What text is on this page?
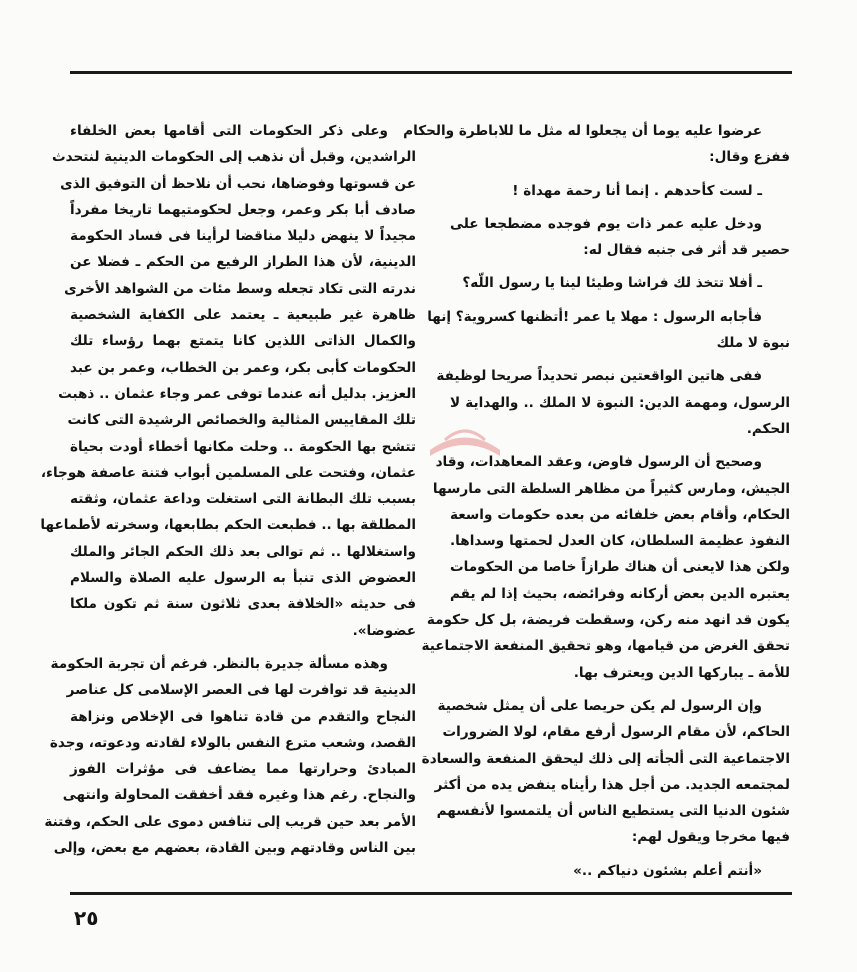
عرضوا عليه يوما أن يجعلوا له مثل ما للاباطرة والحكام
ففزع وقال:
ـ لست كأحدهم . إنما أنا رحمة مهداة !
ودخل عليه عمر ذات يوم فوجده مضطجعا على
حصير قد أثر فى جنبه فقال له:
ـ أفلا تتخذ لك فراشا وطيئا لينا يا رسول اللّه؟
فأجابه الرسول : مهلا يا عمر !أتظنها كسروية؟ إنها
نبوة لا ملك
ففى هاتين الواقعتين نبصر تحديداً صريحا لوظيفة
الرسول، ومهمة الدين: النبوة لا الملك .. والهداية لا
الحكم.
وصحيح أن الرسول فاوض، وعقد المعاهدات، وقاد
الجيش، ومارس كثيراً من مظاهر السلطة التى مارسها
الحكام، وأقام بعض خلفائه من بعده حكومات واسعة
النفوذ عظيمة السلطان، كان العدل لحمتها وسداها.
ولكن هذا لايعنى أن هناك طرازاً خاصا من الحكومات
يعتبره الدين بعض أركانه وفرائضه، بحيث إذا لم يقم
يكون قد انهد منه ركن، وسقطت فريضة، بل كل حكومة
تحقق الغرض من قيامها، وهو تحقيق المنفعة الاجتماعية
للأمة ـ يباركها الدين ويعترف بها.
وإن الرسول لم يكن حريصا على أن يمثل شخصية
الحاكم، لأن مقام الرسول أرفع مقام، لولا الضرورات
الاجتماعية التى ألجأته إلى ذلك ليحقق المنفعة والسعادة
لمجتمعه الجديد. من أجل هذا رأيناه ينفض يده من أكثر
شئون الدنيا التى يستطيع الناس أن يلتمسوا لأنفسهم
فيها مخرجا ويقول لهم:
«أنتم أعلم بشئون دنياكم ..»
وعلى ذكر الحكومات التى أقامها بعض الخلفاء
الراشدين، وقبل أن نذهب إلى الحكومات الدينية لنتحدث
عن قسوتها وفوضاها، نحب أن نلاحظ أن التوفيق الذى
صادف أبا بكر وعمر، وجعل لحكومتيهما تاريخا مفرداً
مجيداً لا ينهض دليلا مناقضا لرأينا فى فساد الحكومة
الدينية، لأن هذا الطراز الرفيع من الحكم ـ فضلا عن
ندرته التى تكاد تجعله وسط مئات من الشواهد الأخرى
ظاهرة غير طبيعية ـ يعتمد على الكفاية الشخصية
والكمال الذاتى اللذين كانا يتمتع بهما رؤساء تلك
الحكومات كأبى بكر، وعمر بن الخطاب، وعمر بن عبد
العزيز. بدليل أنه عندما توفى عمر وجاء عثمان .. ذهبت
تلك المقاييس المثالية والخصائص الرشيدة التى كانت
تتشح بها الحكومة .. وحلت مكانها أخطاء أودت بحياة
عثمان، وفتحت على المسلمين أبواب فتنة عاصفة هوجاء،
بسبب تلك البطانة التى استغلت وداعة عثمان، وثقته
المطلقة بها .. فطبعت الحكم بطابعها، وسخرته لأطماعها
واستغلالها .. ثم توالى بعد ذلك الحكم الجائر والملك
العضوض الذى تنبأ به الرسول عليه الصلاة والسلام
فى حديثه «الخلافة بعدى ثلاثون سنة ثم تكون ملكا
عضوضا».
وهذه مسألة جديرة بالنظر. فرغم أن تجربة الحكومة
الدينية قد توافرت لها فى العصر الإسلامى كل عناصر
النجاح والتقدم من قادة تناهوا فى الإخلاص ونزاهة
القصد، وشعب مترع النفس بالولاء لقادته ودعوته، وجدة
المبادئ وحرارتها مما يضاعف فى مؤثرات الفوز
والنجاح. رغم هذا وغيره فقد أخفقت المحاولة وانتهى
الأمر بعد حين قريب إلى تنافس دموى على الحكم، وفتنة
بين الناس وقادتهم وبين القادة، بعضهم مع بعض، وإلى
٢٥
